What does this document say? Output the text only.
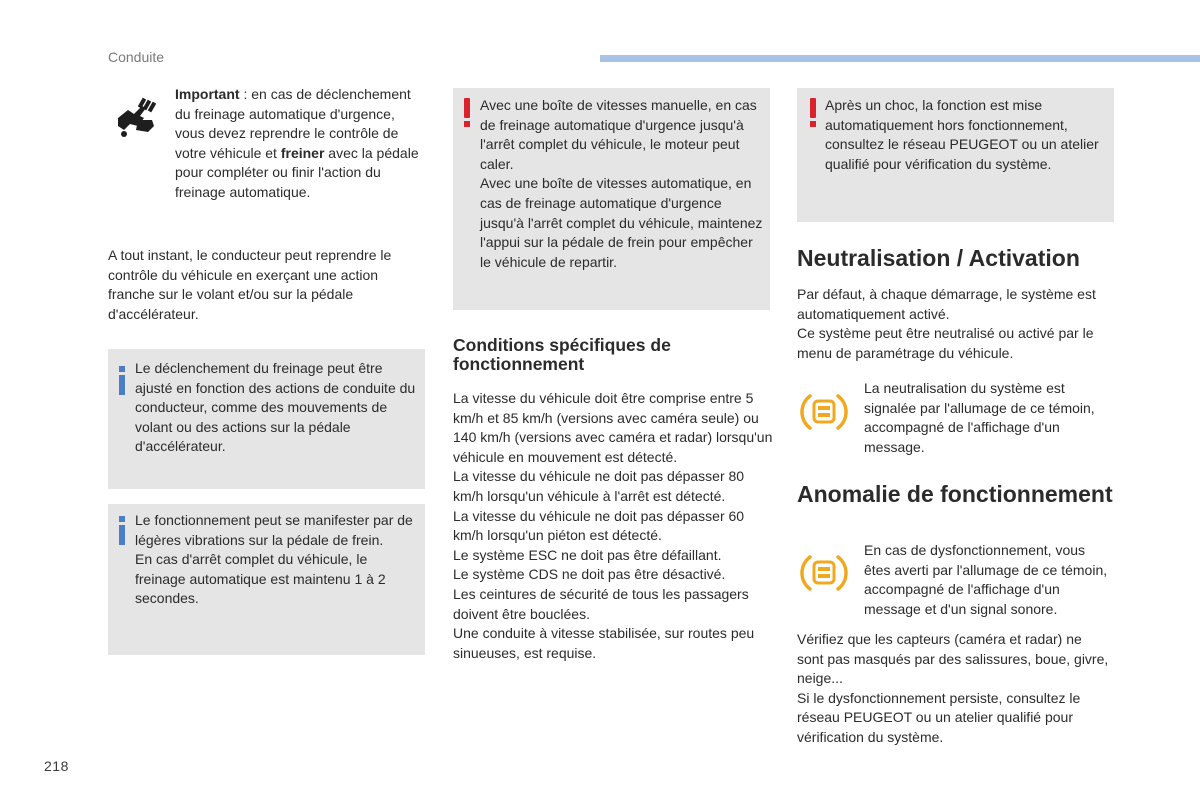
Conduite
Important : en cas de déclenchement du freinage automatique d'urgence, vous devez reprendre le contrôle de votre véhicule et freiner avec la pédale pour compléter ou finir l'action du freinage automatique.
A tout instant, le conducteur peut reprendre le contrôle du véhicule en exerçant une action franche sur le volant et/ou sur la pédale d'accélérateur.
Le déclenchement du freinage peut être ajusté en fonction des actions de conduite du conducteur, comme des mouvements de volant ou des actions sur la pédale d'accélérateur.

Le fonctionnement peut se manifester par de légères vibrations sur la pédale de frein.

En cas d'arrêt complet du véhicule, le freinage automatique est maintenu 1 à 2 secondes.

Avec une boîte de vitesses manuelle, en cas de freinage automatique d'urgence jusqu'à l'arrêt complet du véhicule, le moteur peut caler.

Avec une boîte de vitesses automatique, en cas de freinage automatique d'urgence jusqu'à l'arrêt complet du véhicule, maintenez l'appui sur la pédale de frein pour empêcher le véhicule de repartir.

Conditions spécifiques de fonctionnement

La vitesse du véhicule doit être comprise entre 5 km/h et 85 km/h (versions avec caméra seule) ou 140 km/h (versions avec caméra et radar) lorsqu'un véhicule en mouvement est détecté.

La vitesse du véhicule ne doit pas dépasser 80 km/h lorsqu'un véhicule à l'arrêt est détecté.

La vitesse du véhicule ne doit pas dépasser 60 km/h lorsqu'un piéton est détecté.

Le système ESC ne doit pas être défaillant.

Le système CDS ne doit pas être désactivé.

Les ceintures de sécurité de tous les passagers doivent être bouclées.

Une conduite à vitesse stabilisée, sur routes peu sinueuses, est requise.

Après un choc, la fonction est mise automatiquement hors fonctionnement, consultez le réseau PEUGEOT ou un atelier qualifié pour vérification du système.
Neutralisation / Activation

Par défaut, à chaque démarrage, le système est automatiquement activé.

Ce système peut être neutralisé ou activé par le menu de paramétrage du véhicule.

La neutralisation du système est signalée par l'allumage de ce témoin, accompagné de l'affichage d'un message.
Anomalie de fonctionnement
En cas de dysfonctionnement, vous êtes averti par l'allumage de ce témoin, accompagné de l'affichage d'un message et d'un signal sonore.

Vérifiez que les capteurs (caméra et radar) ne sont pas masqués par des salissures, boue, givre, neige...

Si le dysfonctionnement persiste, consultez le réseau PEUGEOT ou un atelier qualifié pour vérification du système.

218
